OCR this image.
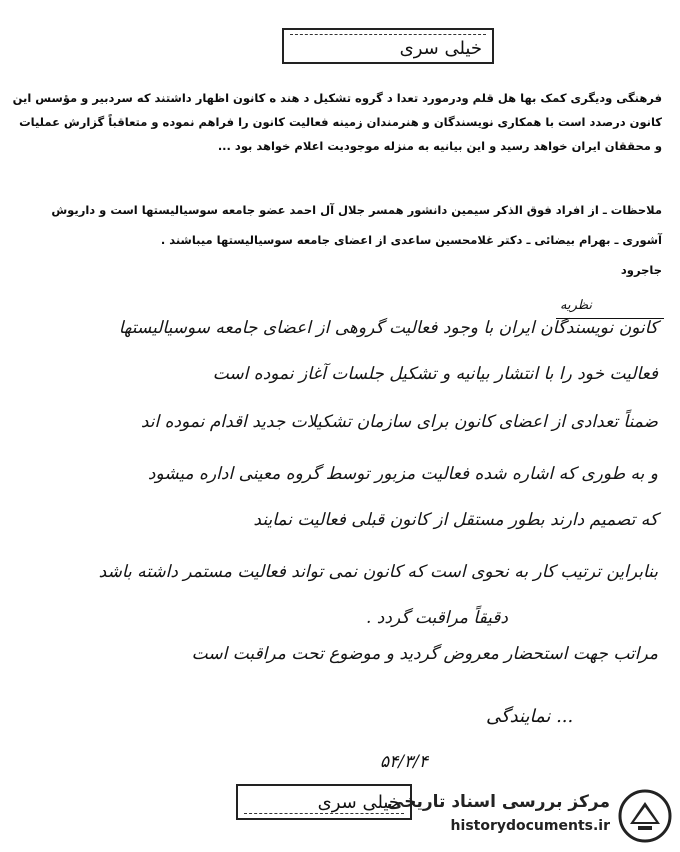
خیلی سری
فرهنگی ودیگری کمک بها هل قلم ودرمورد تعدا د گروه تشکیل د هند ه کانون اظهار داشتند که سردبیر و مؤسس این
کانون درصدد است با همکاری نویسندگان و هنرمندان زمینه فعالیت کانون را فراهم نموده و متعاقباً گزارش عملیات
و محققان ایران خواهد رسید و این بیانیه به منزله موجودیت اعلام خواهد بود ...
ملاحظات ـ از افراد فوق الذکر سیمین دانشور همسر جلال آل احمد عضو جامعه سوسیالیستها است و داریوش
آشوری ـ بهرام بیضائی ـ دکتر غلامحسین ساعدی از اعضای جامعه سوسیالیستها میباشند .
جاجرود
نظریه
کانون نویسندگان ایران با وجود فعالیت گروهی از اعضای جامعه سوسیالیستها
فعالیت خود را با انتشار بیانیه و تشکیل جلسات آغاز نموده است
ضمناً تعدادی از اعضای کانون برای سازمان تشکیلات جدید اقدام نموده اند
و به طوری که اشاره شده فعالیت مزبور توسط گروه معینی اداره میشود
که تصمیم دارند بطور مستقل از کانون قبلی فعالیت نمایند
بنابراین ترتیب کار به نحوی است که کانون نمی تواند فعالیت مستمر داشته باشد
دقیقاً مراقبت گردد .
مراتب جهت استحضار معروض گردید و موضوع تحت مراقبت است
... نمایندگی
۵۴/۳/۴
خیلی سری
مرکز بررسی اسناد تاریخی
historydocuments.ir
